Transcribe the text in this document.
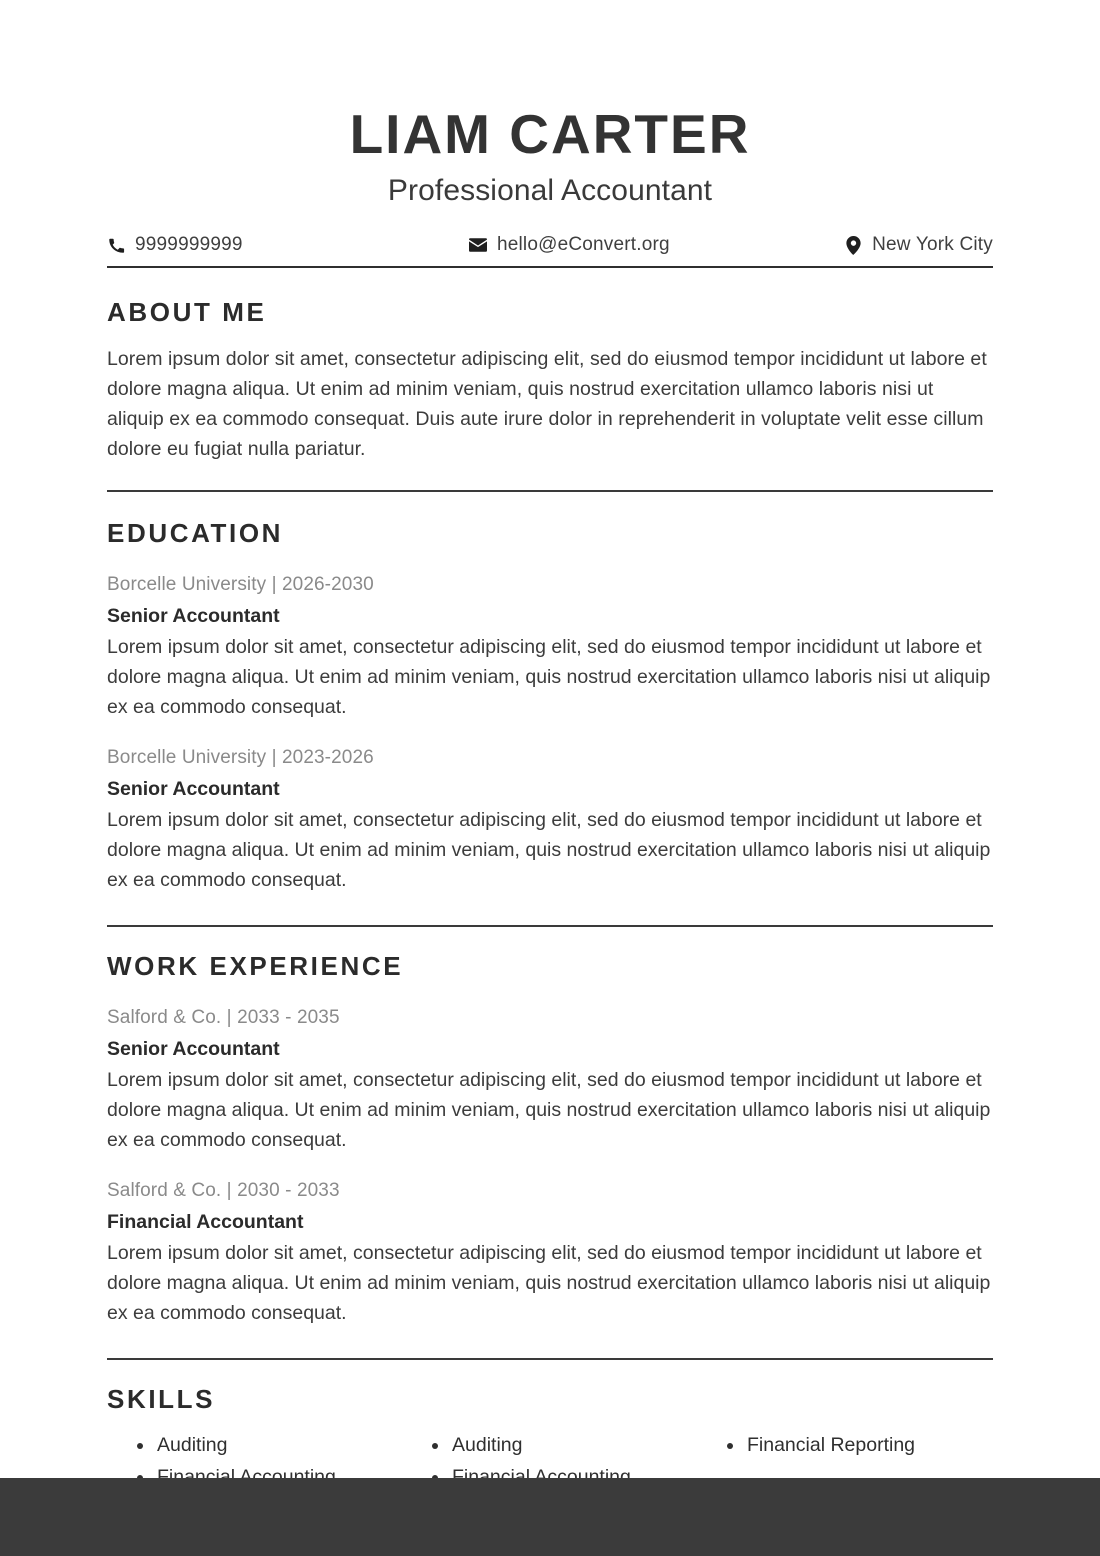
LIAM CARTER
Professional Accountant
9999999999	hello@eConvert.org	New York City
ABOUT ME
Lorem ipsum dolor sit amet, consectetur adipiscing elit, sed do eiusmod tempor incididunt ut labore et dolore magna aliqua. Ut enim ad minim veniam, quis nostrud exercitation ullamco laboris nisi ut aliquip ex ea commodo consequat. Duis aute irure dolor in reprehenderit in voluptate velit esse cillum dolore eu fugiat nulla pariatur.
EDUCATION
Borcelle University | 2026-2030
Senior Accountant
Lorem ipsum dolor sit amet, consectetur adipiscing elit, sed do eiusmod tempor incididunt ut labore et dolore magna aliqua. Ut enim ad minim veniam, quis nostrud exercitation ullamco laboris nisi ut aliquip ex ea commodo consequat.
Borcelle University | 2023-2026
Senior Accountant
Lorem ipsum dolor sit amet, consectetur adipiscing elit, sed do eiusmod tempor incididunt ut labore et dolore magna aliqua. Ut enim ad minim veniam, quis nostrud exercitation ullamco laboris nisi ut aliquip ex ea commodo consequat.
WORK EXPERIENCE
Salford & Co. | 2033 - 2035
Senior Accountant
Lorem ipsum dolor sit amet, consectetur adipiscing elit, sed do eiusmod tempor incididunt ut labore et dolore magna aliqua. Ut enim ad minim veniam, quis nostrud exercitation ullamco laboris nisi ut aliquip ex ea commodo consequat.
Salford & Co. | 2030 - 2033
Financial Accountant
Lorem ipsum dolor sit amet, consectetur adipiscing elit, sed do eiusmod tempor incididunt ut labore et dolore magna aliqua. Ut enim ad minim veniam, quis nostrud exercitation ullamco laboris nisi ut aliquip ex ea commodo consequat.
SKILLS
Auditing	Auditing	Financial Reporting
